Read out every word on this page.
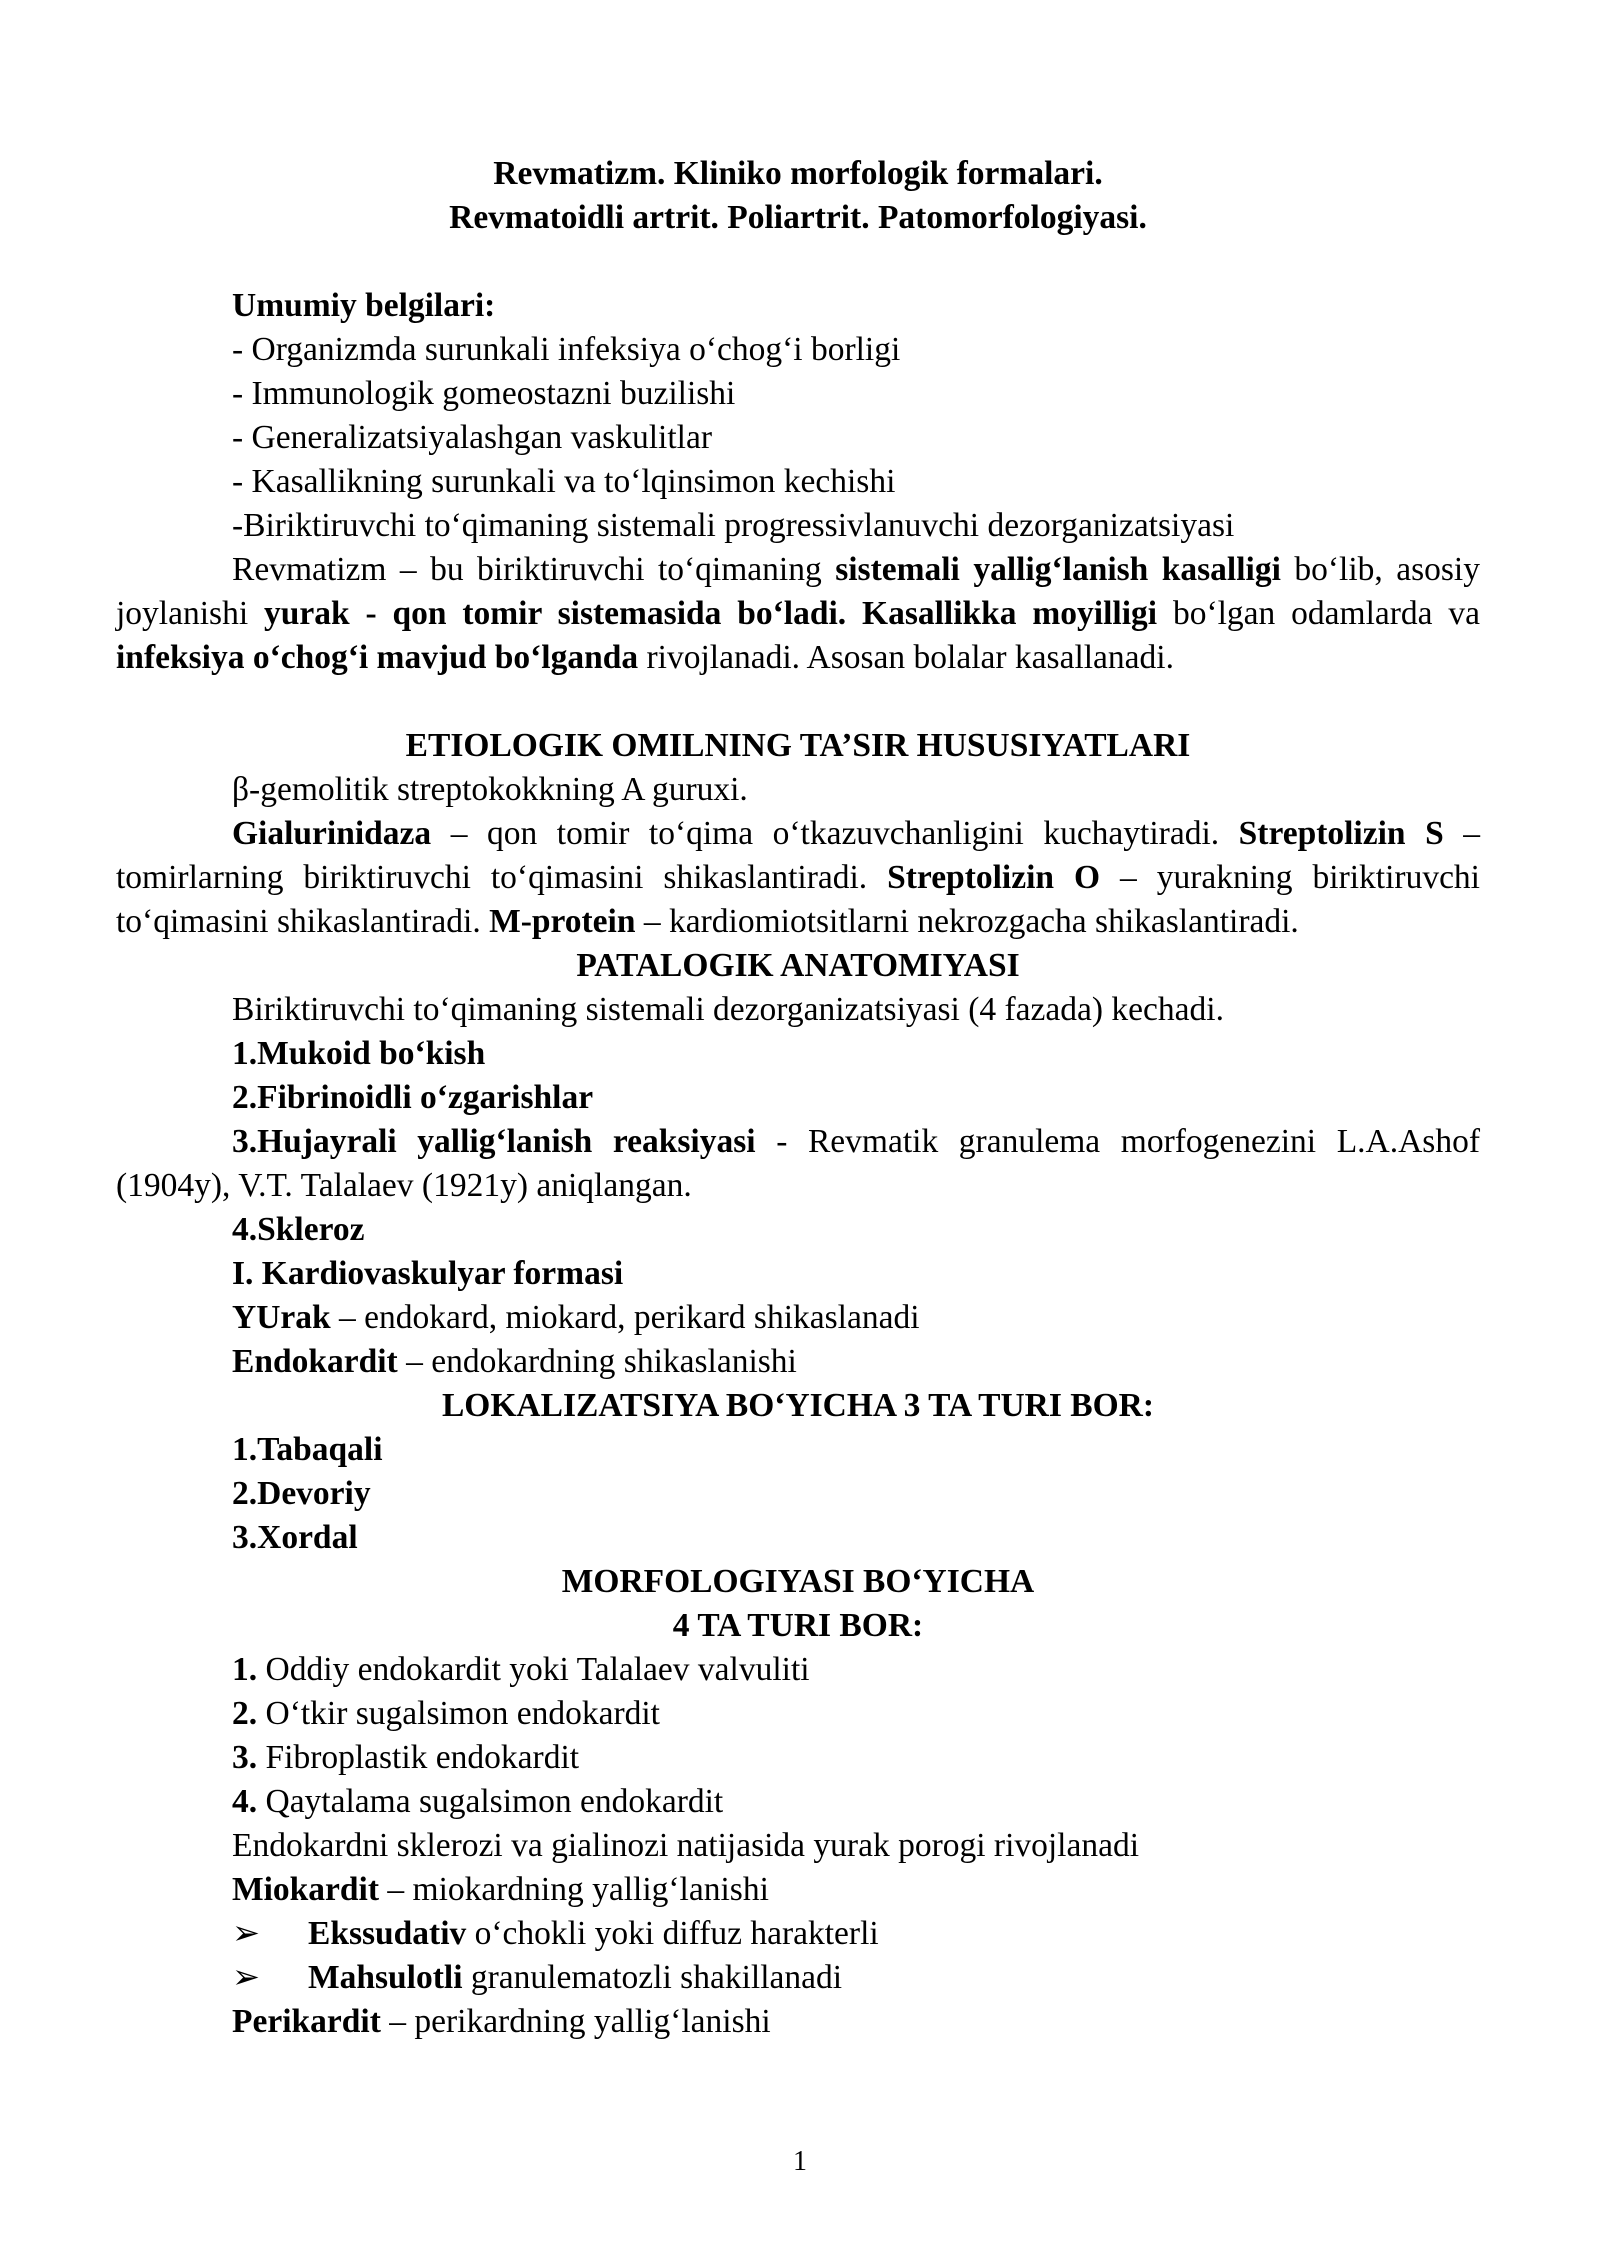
Revmatizm. Kliniko morfologik formalari.

Revmatoidli artrit. Poliartrit. Patomorfologiyasi.

Umumiy belgilari:

- Organizmda surunkali infeksiya o‘chog‘i borligi

- Immunologik gomeostazni buzilishi

- Generalizatsiyalashgan vaskulitlar

- Kasallikning surunkali va to‘lqinsimon kechishi

-Biriktiruvchi to‘qimaning sistemali progressivlanuvchi dezorganizatsiyasi

Revmatizm – bu biriktiruvchi to‘qimaning sistemali yallig‘lanish kasalligi bo‘lib, asosiy joylanishi yurak - qon tomir sistemasida bo‘ladi. Kasallikka moyilligi bo‘lgan odamlarda va infeksiya o‘chog‘i mavjud bo‘lganda rivojlanadi. Asosan bolalar kasallanadi.

ETIOLOGIK OMILNING TA’SIR HUSUSIYATLARI

β-gemolitik streptokokkning A guruxi.

Gialurinidaza – qon tomir to‘qima o‘tkazuvchanligini kuchaytiradi. Streptolizin S – tomirlarning biriktiruvchi to‘qimasini shikaslantiradi. Streptolizin O – yurakning biriktiruvchi to‘qimasini shikaslantiradi. M-protein – kardiomiotsitlarni nekrozgacha shikaslantiradi.

PATALOGIK ANATOMIYASI

Biriktiruvchi to‘qimaning sistemali dezorganizatsiyasi (4 fazada) kechadi.

1.Mukoid bo‘kish

2.Fibrinoidli o‘zgarishlar

3.Hujayrali yallig‘lanish reaksiyasi - Revmatik granulema morfogenezini L.A.Ashof (1904y), V.T. Talalaev (1921y) aniqlangan.

4.Skleroz

I. Kardiovaskulyar formasi

YUrak – endokard, miokard, perikard shikaslanadi

Endokardit – endokardning shikaslanishi

LOKALIZATSIYA BO‘YICHA 3 TA TURI BOR:

1.Tabaqali

2.Devoriy

3.Xordal

MORFOLOGIYASI BO‘YICHA

4 TA TURI BOR:

1. Oddiy endokardit yoki Talalaev valvuliti

2. O‘tkir sugalsimon endokardit

3. Fibroplastik endokardit

4. Qaytalama sugalsimon endokardit

Endokardni sklerozi va gialinozi natijasida yurak porogi rivojlanadi

Miokardit – miokardning yallig‘lanishi

➢ Ekssudativ o‘chokli yoki diffuz harakterli

➢ Mahsulotli granulematozli shakillanadi

Perikardit – perikardning yallig‘lanishi

1
